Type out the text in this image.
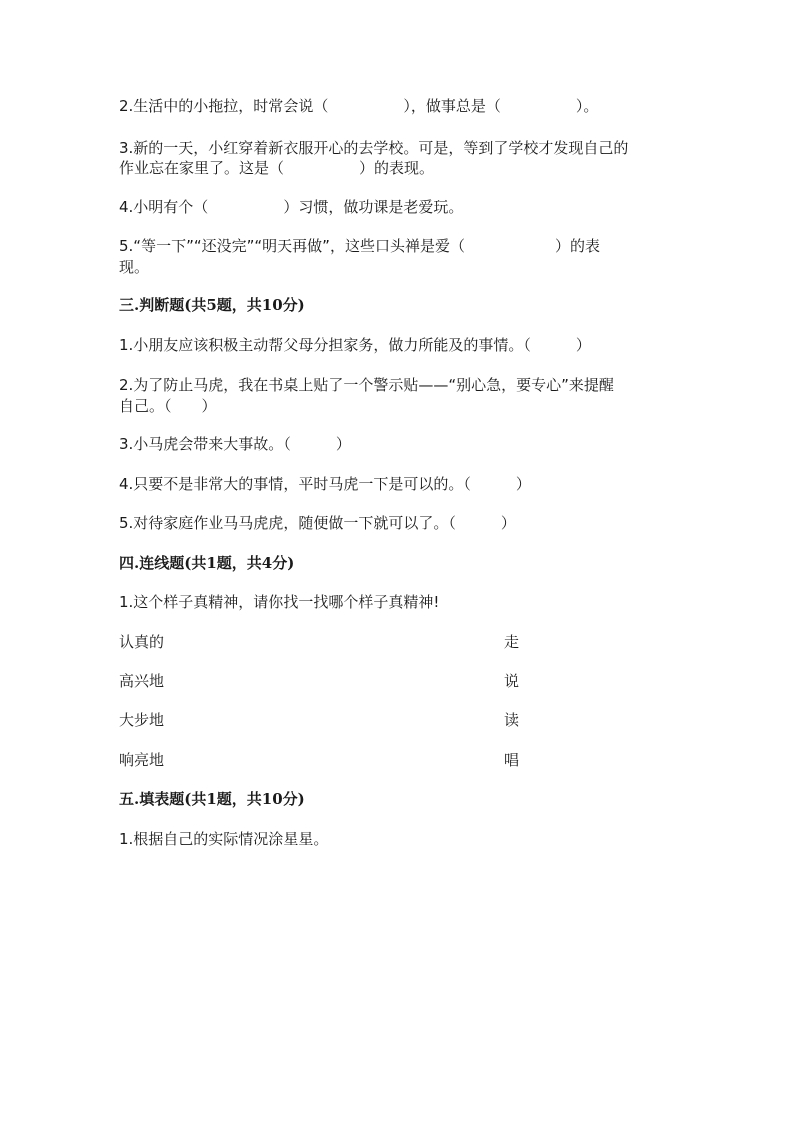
2.生活中的小拖拉，时常会说（　　　　　），做事总是（　　　　　）。
3.新的一天，小红穿着新衣服开心的去学校。可是，等到了学校才发现自己的
作业忘在家里了。这是（　　　　　）的表现。
4.小明有个（　　　　　）习惯，做功课是老爱玩。
5.“等一下”“还没完”“明天再做”，这些口头禅是爱（　　　　　　）的表
现。
三.判断题(共5题，共10分)
1.小朋友应该积极主动帮父母分担家务，做力所能及的事情。（　　　）
2.为了防止马虎，我在书桌上贴了一个警示贴——“别心急，要专心”来提醒
自己。（　　）
3.小马虎会带来大事故。（　　　）
4.只要不是非常大的事情，平时马虎一下是可以的。（　　　）
5.对待家庭作业马马虎虎，随便做一下就可以了。（　　　）
四.连线题(共1题，共4分)
1.这个样子真精神，请你找一找哪个样子真精神!
认真的	走
高兴地	说
大步地	读
响亮地	唱
五.填表题(共1题，共10分)
1.根据自己的实际情况涂星星。
